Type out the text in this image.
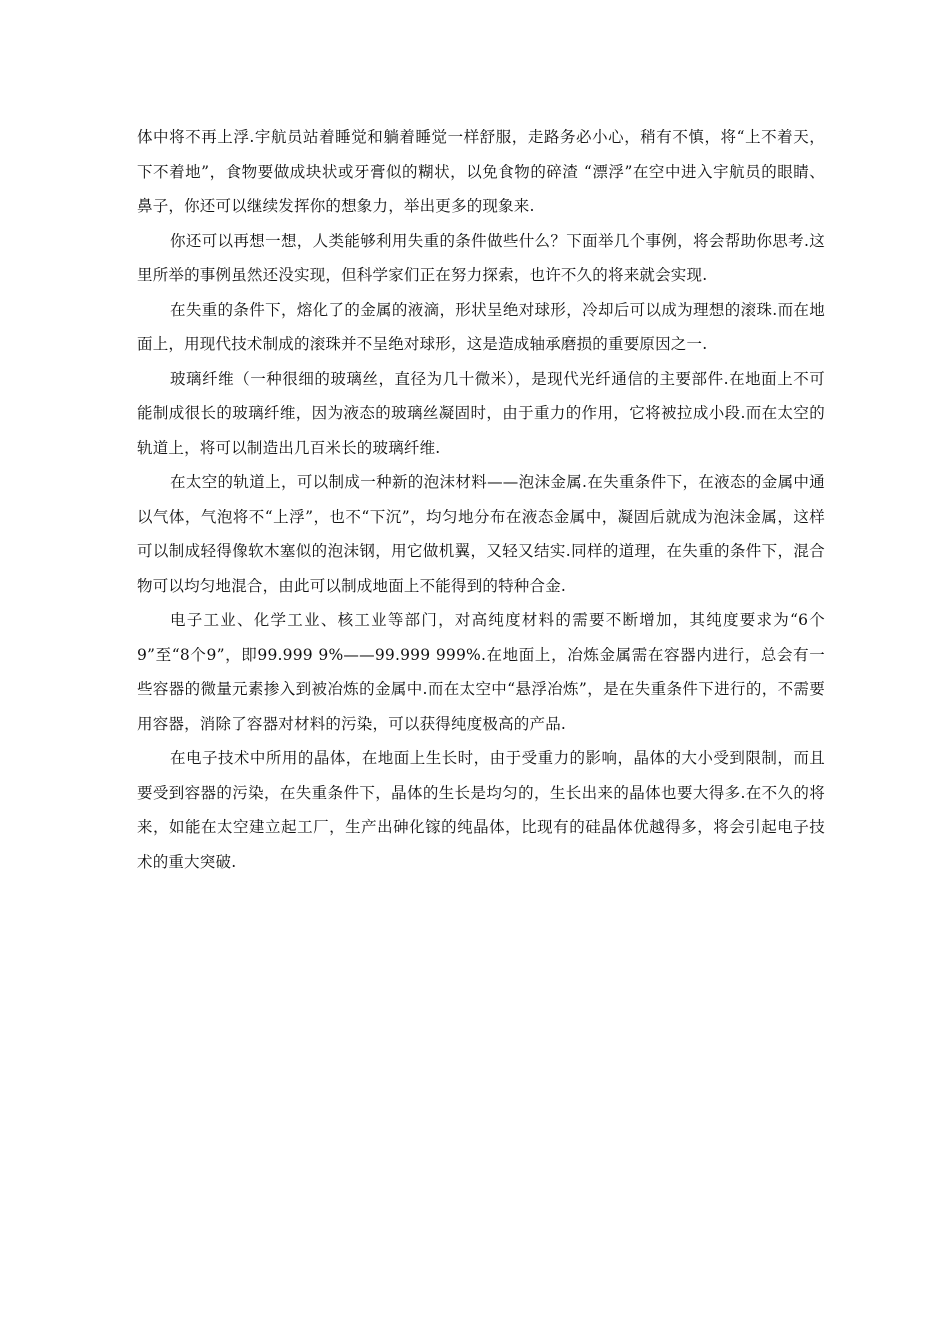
体中将不再上浮.宇航员站着睡觉和躺着睡觉一样舒服，走路务必小心，稍有不慎，将“上不着天，下不着地”，食物要做成块状或牙膏似的糊状，以免食物的碎渣 “漂浮”在空中进入宇航员的眼睛、鼻子，你还可以继续发挥你的想象力，举出更多的现象来.

你还可以再想一想，人类能够利用失重的条件做些什么？下面举几个事例，将会帮助你思考.这里所举的事例虽然还没实现，但科学家们正在努力探索，也许不久的将来就会实现.

在失重的条件下，熔化了的金属的液滴，形状呈绝对球形，冷却后可以成为理想的滚珠.而在地面上，用现代技术制成的滚珠并不呈绝对球形，这是造成轴承磨损的重要原因之一.

玻璃纤维（一种很细的玻璃丝，直径为几十微米），是现代光纤通信的主要部件.在地面上不可能制成很长的玻璃纤维，因为液态的玻璃丝凝固时，由于重力的作用，它将被拉成小段.而在太空的轨道上，将可以制造出几百米长的玻璃纤维.

在太空的轨道上，可以制成一种新的泡沫材料——泡沫金属.在失重条件下，在液态的金属中通以气体，气泡将不“上浮”，也不“下沉”，均匀地分布在液态金属中，凝固后就成为泡沫金属，这样可以制成轻得像软木塞似的泡沫钢，用它做机翼，又轻又结实.同样的道理，在失重的条件下，混合物可以均匀地混合，由此可以制成地面上不能得到的特种合金.

电子工业、化学工业、核工业等部门，对高纯度材料的需要不断增加，其纯度要求为“6个9”至“8个9”，即99.999 9%——99.999 999%.在地面上，冶炼金属需在容器内进行，总会有一些容器的微量元素掺入到被冶炼的金属中.而在太空中“悬浮冶炼”，是在失重条件下进行的，不需要用容器，消除了容器对材料的污染，可以获得纯度极高的产品.

在电子技术中所用的晶体，在地面上生长时，由于受重力的影响，晶体的大小受到限制，而且要受到容器的污染，在失重条件下，晶体的生长是均匀的，生长出来的晶体也要大得多.在不久的将来，如能在太空建立起工厂，生产出砷化镓的纯晶体，比现有的硅晶体优越得多，将会引起电子技术的重大突破.
